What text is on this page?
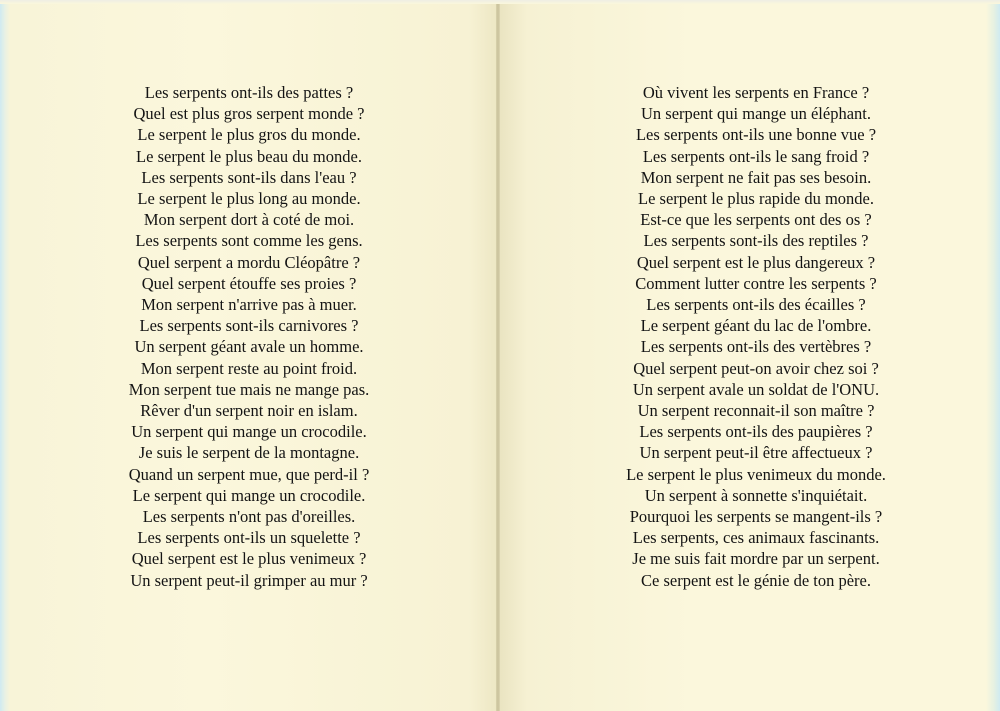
Les serpents ont-ils des pattes ?
Quel est plus gros serpent monde ?
Le serpent le plus gros du monde.
Le serpent le plus beau du monde.
Les serpents sont-ils dans l'eau ?
Le serpent le plus long au monde.
Mon serpent dort à coté de moi.
Les serpents sont comme les gens.
Quel serpent a mordu Cléopâtre ?
Quel serpent étouffe ses proies ?
Mon serpent n'arrive pas à muer.
Les serpents sont-ils carnivores ?
Un serpent géant avale un homme.
Mon serpent reste au point froid.
Mon serpent tue mais ne mange pas.
Rêver d'un serpent noir en islam.
Un serpent qui mange un crocodile.
Je suis le serpent de la montagne.
Quand un serpent mue, que perd-il ?
Le serpent qui mange un crocodile.
Les serpents n'ont pas d'oreilles.
Les serpents ont-ils un squelette ?
Quel serpent est le plus venimeux ?
Un serpent peut-il grimper au mur ?
Où vivent les serpents en France ?
Un serpent qui mange un éléphant.
Les serpents ont-ils une bonne vue ?
Les serpents ont-ils le sang froid ?
Mon serpent ne fait pas ses besoin.
Le serpent le plus rapide du monde.
Est-ce que les serpents ont des os ?
Les serpents sont-ils des reptiles ?
Quel serpent est le plus dangereux ?
Comment lutter contre les serpents ?
Les serpents ont-ils des écailles ?
Le serpent géant du lac de l'ombre.
Les serpents ont-ils des vertèbres ?
Quel serpent peut-on avoir chez soi ?
Un serpent avale un soldat de l'ONU.
Un serpent reconnait-il son maître ?
Les serpents ont-ils des paupières ?
Un serpent peut-il être affectueux ?
Le serpent le plus venimeux du monde.
Un serpent à sonnette s'inquiétait.
Pourquoi les serpents se mangent-ils ?
Les serpents, ces animaux fascinants.
Je me suis fait mordre par un serpent.
Ce serpent est le génie de ton père.
